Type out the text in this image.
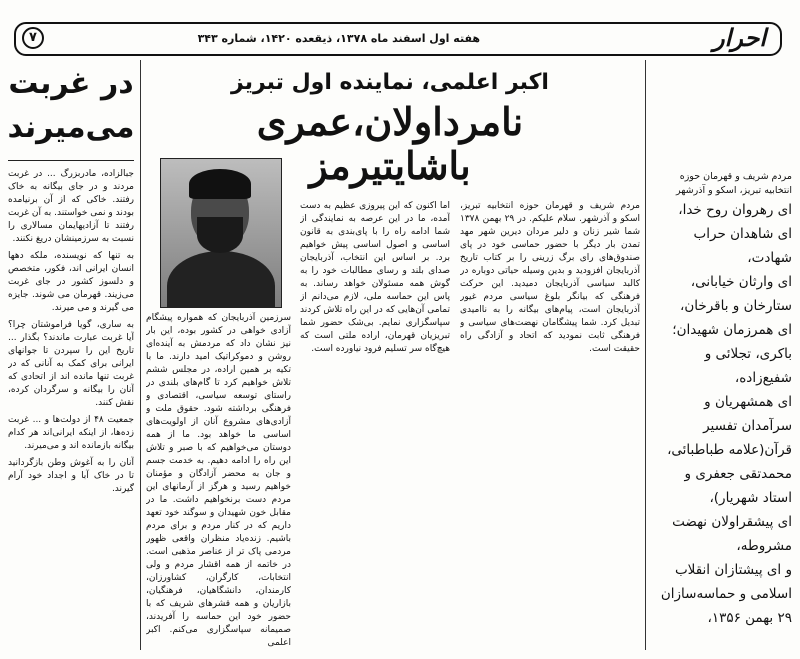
احرار
هفته اول اسفند ماه ۱۳۷۸، ذیقعده ۱۴۲۰، شماره ۳۴۳
۷
در غربت
می‌میرند

جبالزاده، مادربزرگ ... در غربت مردند و در جای بیگانه به خاک رفتند. خاکی که از آن برنیامده بودند و نمی خواستند. به آن غربت رفتند تا آزادیهایمان مسالاری را نسبت به سرزمینشان دریغ نکنند.

به تنها که نویسنده، ملکه دهها انسان ایرانی اند، فکور، متخصص و دلسوز کشور در جای غربت می‌زیند. قهرمان می شوند. جایزه می گیرند و می میرند.

به ساری، گویا فراموشتان چرا؟ آیا غربت عبارت ماندند؟ بگذار ... تاریخ این را سپردن تا جوانهای ایرانی برای کمک به آنانی که در غربت تنها مانده اند از اتحادی که آنان را بیگانه و سرگردان کرده، نقش کنند.

جمعیت ۴۸ از دولت‌ها و ... غربت زده‌ها، از اینکه ایرانی‌اند هر کدام بیگانه بازمانده اند و می‌میرند.

آنان را به آغوش وطن بازگردانید تا در خاک آبا و اجداد خود آرام گیرند.

اکبر اعلمی، نماینده اول تبریز
نامرداولان،عمری
باشایتیرمز
مردم شریف و قهرمان حوزه انتخابیه تبریز، اسکو و آذرشهر. سلام علیکم. در ۲۹ بهمن ۱۳۷۸ شما شیر زنان و دلیر مردان دیرین شهر مهد تمدن بار دیگر با حضور حماسی خود در پای صندوق‌های رای برگ زرینی را بر کتاب تاریخ آذربایجان افزودید و بدین وسیله حیاتی دوباره در کالبد سیاسی آذربایجان دمیدید. این حرکت فرهنگی که بیانگر بلوغ سیاسی مردم غیور آذربایجان است، پیام‌های بیگانه را به ناامیدی تبدیل کرد. شما پیشگامان نهضت‌های سیاسی و فرهنگی ثابت نمودید که اتحاد و آزادگی راه حقیقت است.
اما اکنون که این پیروزی عظیم به دست آمده، ما در این عرصه به نمایندگی از شما ادامه راه را با پای‌بندی به قانون اساسی و اصول اساسی پیش خواهیم برد. بر اساس این انتخاب، آذربایجان صدای بلند و رسای مطالبات خود را به گوش همه مسئولان خواهد رساند. به پاس این حماسه ملی، لازم می‌دانم از تمامی آن‌هایی که در این راه تلاش کردند سپاسگزاری نمایم. بی‌شک حضور شما تبریزیان قهرمان، اراده ملتی است که هیچ‌گاه سر تسلیم فرود نیاورده است.
سرزمین آذربایجان که همواره پیشگام آزادی خواهی در کشور بوده، این بار نیز نشان داد که مردمش به آینده‌ای روشن و دموکراتیک امید دارند. ما با تکیه بر همین اراده، در مجلس ششم تلاش خواهیم کرد تا گام‌های بلندی در راستای توسعه سیاسی، اقتصادی و فرهنگی برداشته شود. حقوق ملت و آزادی‌های مشروع آنان از اولویت‌های اساسی ما خواهد بود. ما از همه دوستان می‌خواهیم که با صبر و تلاش این راه را ادامه دهیم. به خدمت جسم و جان به محضر آزادگان و مؤمنان خواهیم رسید و هرگز از آرمانهای این مردم دست برنخواهیم داشت. ما در مقابل خون شهیدان و سوگند خود تعهد داریم که در کنار مردم و برای مردم باشیم. زنده‌یاد منظران واقعی ظهور مردمی پاک تر از عناصر مذهبی است. در خاتمه از همه اقشار مردم و ولی انتخابات، کارگران، کشاورزان، کارمندان، دانشگاهیان، فرهنگیان، بازاریان و همه قشرهای شریف که با حضور خود این حماسه را آفریدند، صمیمانه سپاسگزاری می‌کنم. اکبر اعلمی
مردم شریف و قهرمان حوزه انتخابیه تبریز، اسکو و آذرشهر
ای رهروان روح خدا،
ای شاهدان حراب شهادت،
ای وارثان خیابانی، ستارخان و باقرخان،
ای همرزمان شهیدان؛ باکری، تجلائی و شفیع‌زاده،
ای همشهریان و سرآمدان تفسیر قرآن(علامه طباطبائی، محمدتقی جعفری و استاد شهریار)،
ای پیشقراولان نهضت مشروطه،
و ای پیشتازان انقلاب اسلامی و حماسه‌سازان ۲۹ بهمن ۱۳۵۶،
